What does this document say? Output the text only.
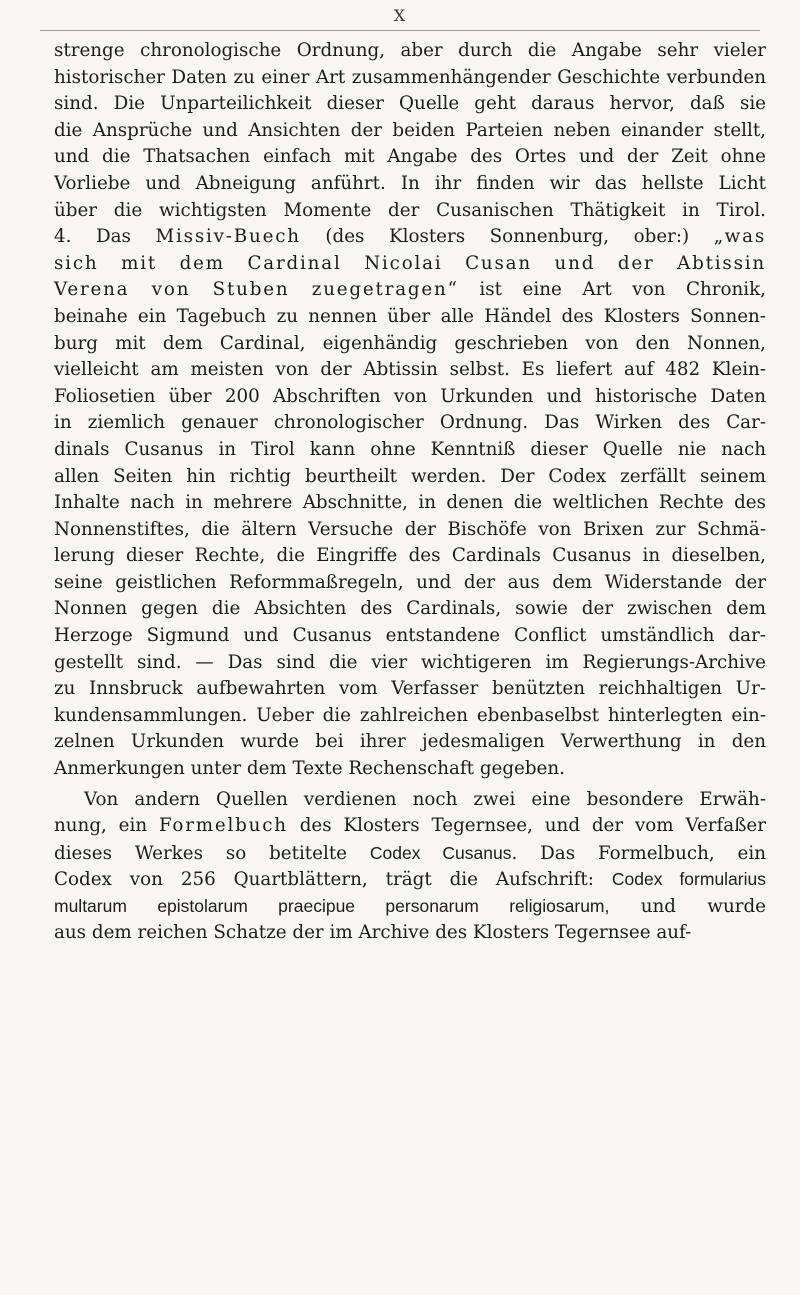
X
strenge chronologische Ordnung, aber durch die Angabe sehr vieler
historischer Daten zu einer Art zusammenhängender Geschichte verbunden
sind. Die Unparteilichkeit dieser Quelle geht daraus hervor, daß sie
die Ansprüche und Ansichten der beiden Parteien neben einander stellt,
und die Thatsachen einfach mit Angabe des Ortes und der Zeit ohne
Vorliebe und Abneigung anführt. In ihr finden wir das hellste Licht
über die wichtigsten Momente der Cusanischen Thätigkeit in Tirol.
4. Das Missiv-Buech (des Klosters Sonnenburg, ober:) „was
sich mit dem Cardinal Nicolai Cusan und der Abtissin
Verena von Stuben zuegetragen“ ist eine Art von Chronik,
beinahe ein Tagebuch zu nennen über alle Händel des Klosters Sonnen-
burg mit dem Cardinal, eigenhändig geschrieben von den Nonnen,
vielleicht am meisten von der Abtissin selbst. Es liefert auf 482 Klein-
Foliosetien über 200 Abschriften von Urkunden und historische Daten
in ziemlich genauer chronologischer Ordnung. Das Wirken des Car-
dinals Cusanus in Tirol kann ohne Kenntniß dieser Quelle nie nach
allen Seiten hin richtig beurtheilt werden. Der Codex zerfällt seinem
Inhalte nach in mehrere Abschnitte, in denen die weltlichen Rechte des
Nonnenstiftes, die ältern Versuche der Bischöfe von Brixen zur Schmä-
lerung dieser Rechte, die Eingriffe des Cardinals Cusanus in dieselben,
seine geistlichen Reformmaßregeln, und der aus dem Widerstande der
Nonnen gegen die Absichten des Cardinals, sowie der zwischen dem
Herzoge Sigmund und Cusanus entstandene Conflict umständlich dar-
gestellt sind. — Das sind die vier wichtigeren im Regierungs-Archive
zu Innsbruck aufbewahrten vom Verfasser benützten reichhaltigen Ur-
kundensammlungen. Ueber die zahlreichen ebenbaselbst hinterlegten ein-
zelnen Urkunden wurde bei ihrer jedesmaligen Verwerthung in den
Anmerkungen unter dem Texte Rechenschaft gegeben.
Von andern Quellen verdienen noch zwei eine besondere Erwäh-
nung, ein Formelbuch des Klosters Tegernsee, und der vom Verfaßer
dieses Werkes so betitelte Codex Cusanus. Das Formelbuch, ein
Codex von 256 Quartblättern, trägt die Aufschrift: Codex formularius
multarum epistolarum praecipue personarum religiosarum, und wurde
aus dem reichen Schatze der im Archive des Klosters Tegernsee auf-
